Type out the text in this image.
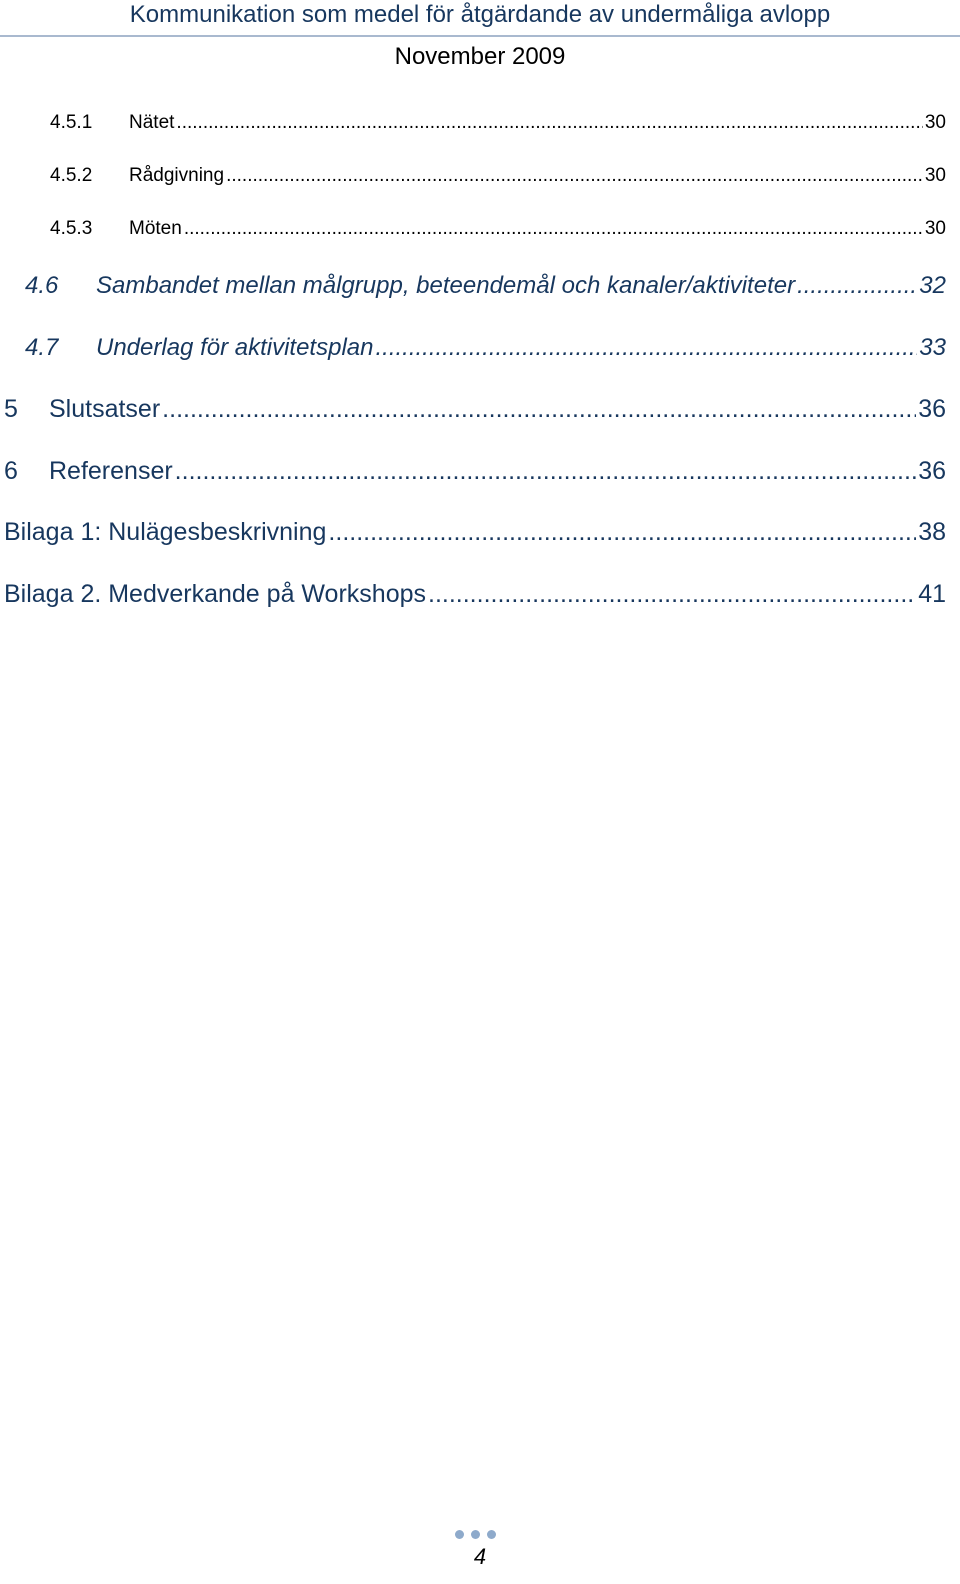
Kommunikation som medel för åtgärdande av undermåliga avlopp
November 2009
4.5.1	Nätet .....	30
4.5.2	Rådgivning .....	30
4.5.3	Möten .....	30
4.6	Sambandet mellan målgrupp, beteendemål och kanaler/aktiviteter .....	32
4.7	Underlag för aktivitetsplan .....	33
5	Slutsatser .....	36
6	Referenser .....	36
Bilaga 1: Nulägesbeskrivning .....	38
Bilaga 2. Medverkande på Workshops .....	41
4
